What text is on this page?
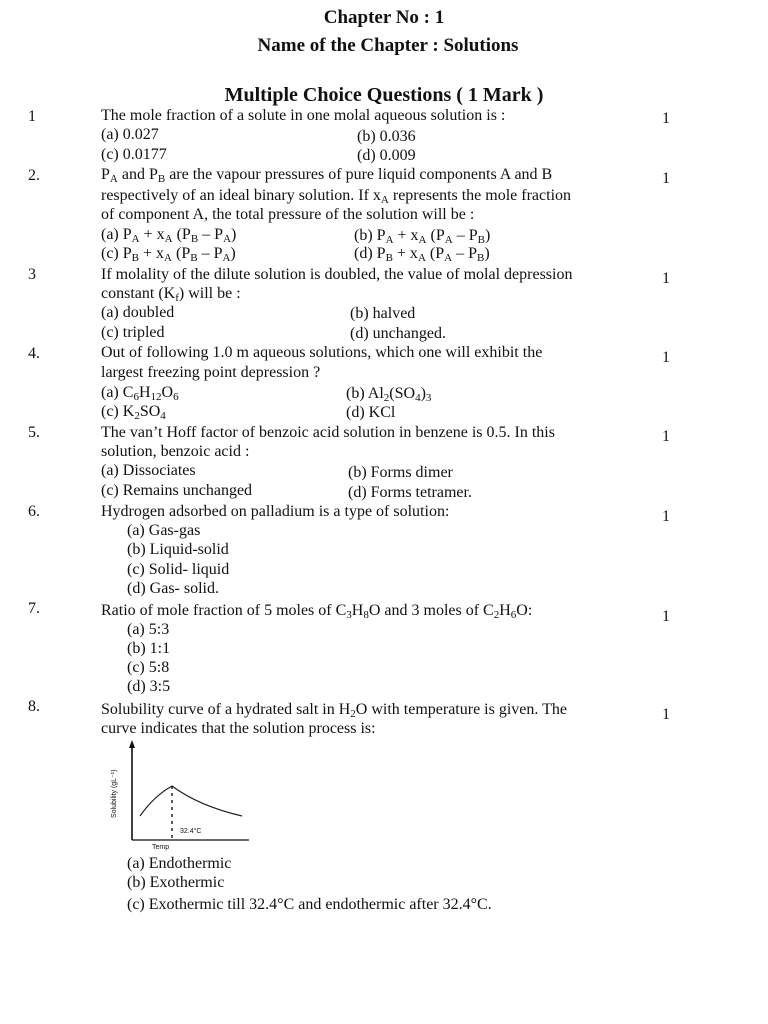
Chapter No : 1
Name of the Chapter : Solutions
Multiple Choice Questions ( 1 Mark )
1	1
The mole fraction of a solute in one molal aqueous solution is :
(a) 0.027	(b) 0.036
(c) 0.0177	(d) 0.009
2.	1
PA and PB are the vapour pressures of pure liquid components A and B
respectively of an ideal binary solution. If xA represents the mole fraction
of component A, the total pressure of the solution will be :
(a) PA + xA (PB – PA)	(b) PA + xA (PA – PB)
(c) PB + xA (PB – PA)	(d) PB + xA (PA – PB)
3	1
If molality of the dilute solution is doubled, the value of molal depression
constant (Kf) will be :
(a) doubled	(b) halved
(c) tripled	(d) unchanged.
4.	1
Out of following 1.0 m aqueous solutions, which one will exhibit the
largest freezing point depression ?
(a) C6H12O6	(b) Al2(SO4)3
(c) K2SO4	(d) KCl
5.	1
The van’t Hoff factor of benzoic acid solution in benzene is 0.5. In this
solution, benzoic acid :
(a) Dissociates	(b) Forms dimer
(c) Remains unchanged	(d) Forms tetramer.
6.	1
Hydrogen adsorbed on palladium is a type of solution:
(a) Gas-gas
(b) Liquid-solid
(c) Solid- liquid
(d) Gas- solid.
7.	1
Ratio of mole fraction of 5 moles of C3H8O and 3 moles of C2H6O:
(a) 5:3
(b) 1:1
(c) 5:8
(d) 3:5
8.	1
Solubility curve of a hydrated salt in H2O with temperature is given. The
curve indicates that the solution process is:
Solubility (gL⁻¹)
32.4°C
Temp
(a) Endothermic
(b) Exothermic
(c) Exothermic till 32.4°C and endothermic after 32.4°C.
